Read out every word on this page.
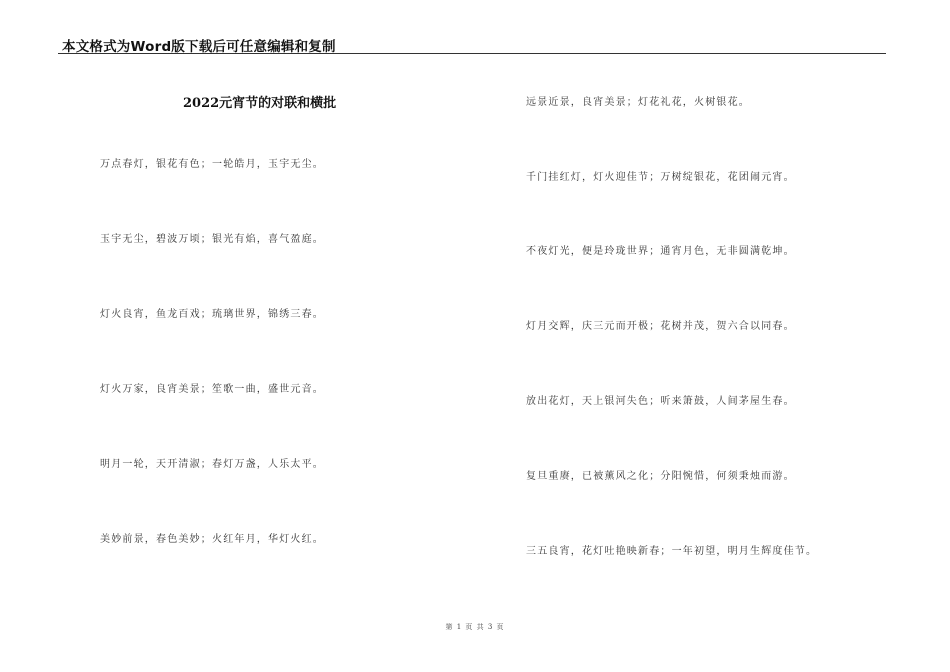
本文格式为Word版下载后可任意编辑和复制
2022元宵节的对联和横批
万点春灯，银花有色；一轮皓月，玉宇无尘。
玉宇无尘，碧波万顷；银光有焰，喜气盈庭。
灯火良宵，鱼龙百戏；琉璃世界，锦绣三春。
灯火万家，良宵美景；笙歌一曲，盛世元音。
明月一轮，天开清淑；春灯万盏，人乐太平。
美妙前景，春色美妙；火红年月，华灯火红。
远景近景，良宵美景；灯花礼花，火树银花。
千门挂红灯，灯火迎佳节；万树绽银花，花团闹元宵。
不夜灯光，便是玲珑世界；通宵月色，无非圆满乾坤。
灯月交辉，庆三元而开极；花树并茂，贺六合以同春。
放出花灯，天上银河失色；听来箫鼓，人间茅屋生春。
复旦重赓，已被薰风之化；分阳惋惜，何须秉烛而游。
三五良宵，花灯吐艳映新春；一年初望，明月生辉度佳节。
第 1 页 共 3 页
